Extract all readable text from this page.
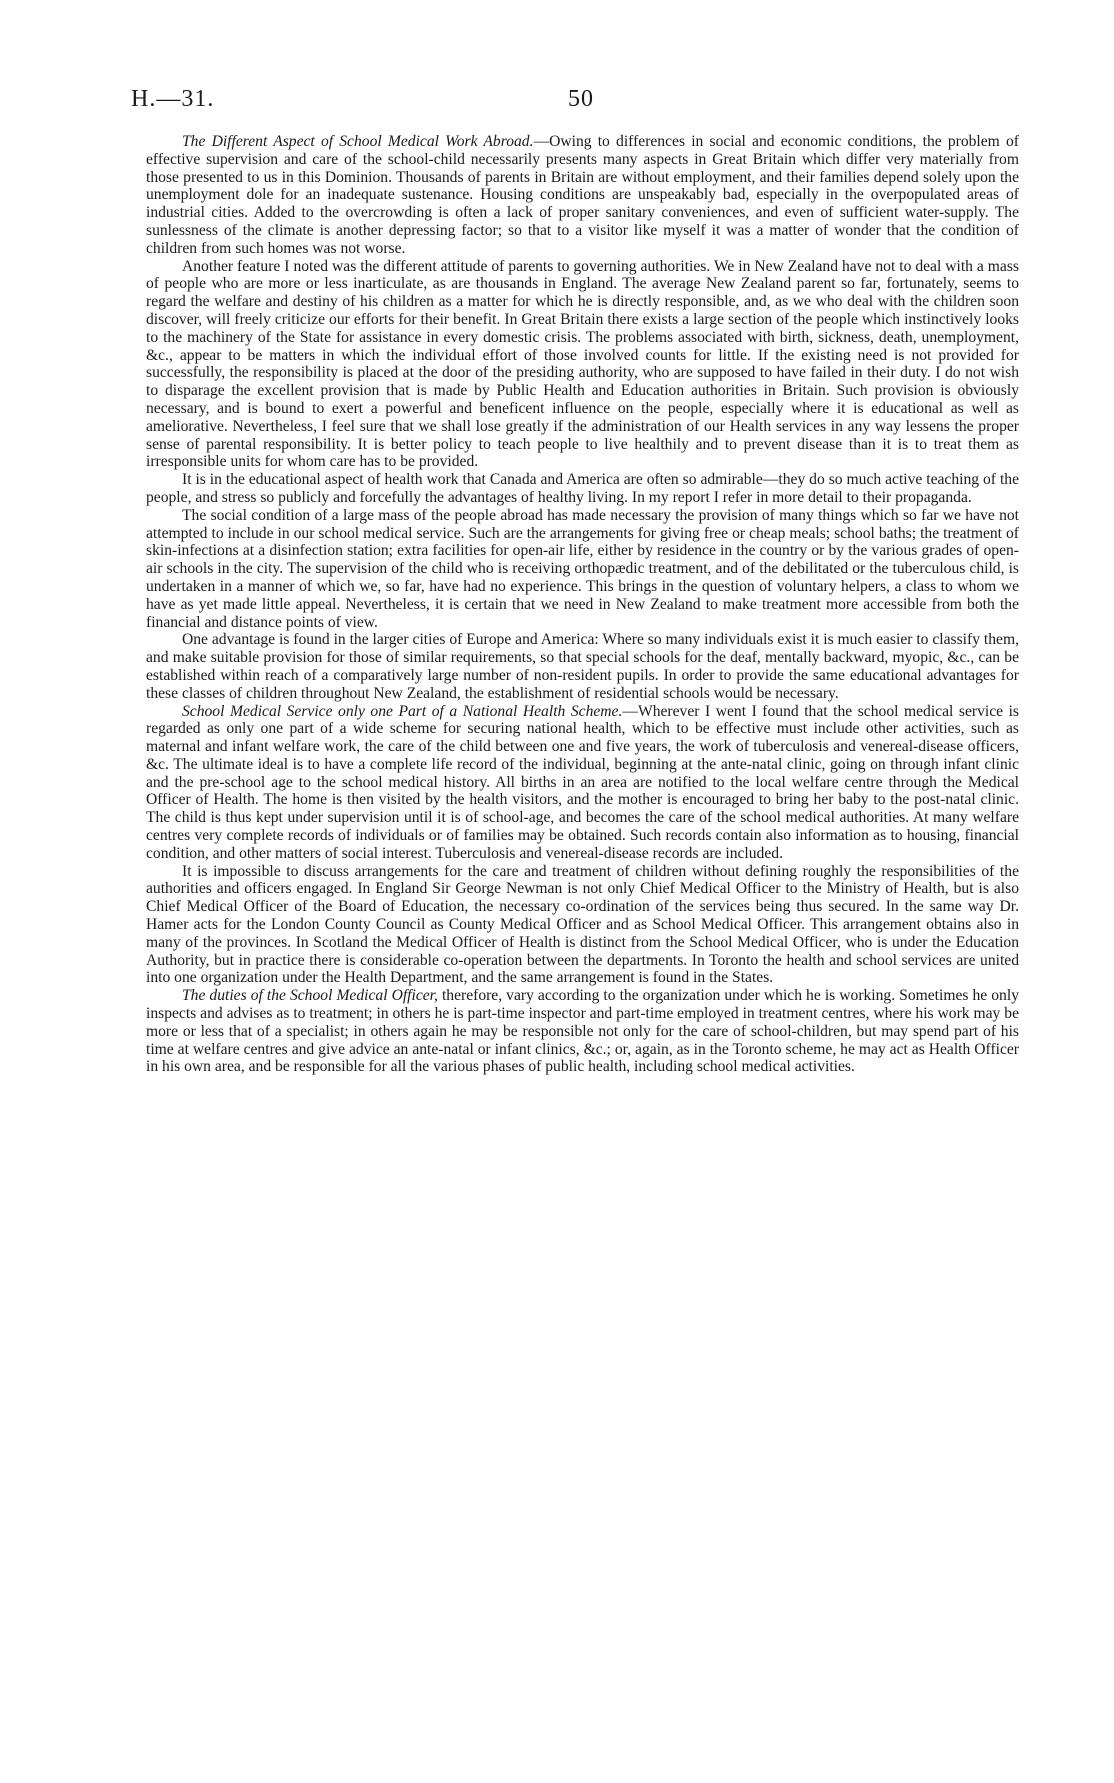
H.—31.	50

The Different Aspect of School Medical Work Abroad.—Owing to differences in social and economic conditions, the problem of effective supervision and care of the school-child necessarily presents many aspects in Great Britain which differ very materially from those presented to us in this Dominion. Thousands of parents in Britain are without employment, and their families depend solely upon the unemployment dole for an inadequate sustenance. Housing conditions are unspeakably bad, especially in the overpopulated areas of industrial cities. Added to the overcrowding is often a lack of proper sanitary conveniences, and even of sufficient water-supply. The sunlessness of the climate is another depressing factor; so that to a visitor like myself it was a matter of wonder that the condition of children from such homes was not worse.

Another feature I noted was the different attitude of parents to governing authorities. We in New Zealand have not to deal with a mass of people who are more or less inarticulate, as are thousands in England. The average New Zealand parent so far, fortunately, seems to regard the welfare and destiny of his children as a matter for which he is directly responsible, and, as we who deal with the children soon discover, will freely criticize our efforts for their benefit. In Great Britain there exists a large section of the people which instinctively looks to the machinery of the State for assistance in every domestic crisis. The problems associated with birth, sickness, death, unemployment, &c., appear to be matters in which the individual effort of those involved counts for little. If the existing need is not provided for successfully, the responsibility is placed at the door of the presiding authority, who are supposed to have failed in their duty. I do not wish to disparage the excellent provision that is made by Public Health and Education authorities in Britain. Such provision is obviously necessary, and is bound to exert a powerful and beneficent influence on the people, especially where it is educational as well as ameliorative. Nevertheless, I feel sure that we shall lose greatly if the administration of our Health services in any way lessens the proper sense of parental responsibility. It is better policy to teach people to live healthily and to prevent disease than it is to treat them as irresponsible units for whom care has to be provided.

It is in the educational aspect of health work that Canada and America are often so admirable—they do so much active teaching of the people, and stress so publicly and forcefully the advantages of healthy living. In my report I refer in more detail to their propaganda.

The social condition of a large mass of the people abroad has made necessary the provision of many things which so far we have not attempted to include in our school medical service. Such are the arrangements for giving free or cheap meals; school baths; the treatment of skin-infections at a disinfection station; extra facilities for open-air life, either by residence in the country or by the various grades of open-air schools in the city. The supervision of the child who is receiving orthopædic treatment, and of the debilitated or the tuberculous child, is undertaken in a manner of which we, so far, have had no experience. This brings in the question of voluntary helpers, a class to whom we have as yet made little appeal. Nevertheless, it is certain that we need in New Zealand to make treatment more accessible from both the financial and distance points of view.

One advantage is found in the larger cities of Europe and America: Where so many individuals exist it is much easier to classify them, and make suitable provision for those of similar requirements, so that special schools for the deaf, mentally backward, myopic, &c., can be established within reach of a comparatively large number of non-resident pupils. In order to provide the same educational advantages for these classes of children throughout New Zealand, the establishment of residential schools would be necessary.

School Medical Service only one Part of a National Health Scheme.—Wherever I went I found that the school medical service is regarded as only one part of a wide scheme for securing national health, which to be effective must include other activities, such as maternal and infant welfare work, the care of the child between one and five years, the work of tuberculosis and venereal-disease officers, &c. The ultimate ideal is to have a complete life record of the individual, beginning at the ante-natal clinic, going on through infant clinic and the pre-school age to the school medical history. All births in an area are notified to the local welfare centre through the Medical Officer of Health. The home is then visited by the health visitors, and the mother is encouraged to bring her baby to the post-natal clinic. The child is thus kept under supervision until it is of school-age, and becomes the care of the school medical authorities. At many welfare centres very complete records of individuals or of families may be obtained. Such records contain also information as to housing, financial condition, and other matters of social interest. Tuberculosis and venereal-disease records are included.

It is impossible to discuss arrangements for the care and treatment of children without defining roughly the responsibilities of the authorities and officers engaged. In England Sir George Newman is not only Chief Medical Officer to the Ministry of Health, but is also Chief Medical Officer of the Board of Education, the necessary co-ordination of the services being thus secured. In the same way Dr. Hamer acts for the London County Council as County Medical Officer and as School Medical Officer. This arrangement obtains also in many of the provinces. In Scotland the Medical Officer of Health is distinct from the School Medical Officer, who is under the Education Authority, but in practice there is considerable co-operation between the departments. In Toronto the health and school services are united into one organization under the Health Department, and the same arrangement is found in the States.

The duties of the School Medical Officer, therefore, vary according to the organization under which he is working. Sometimes he only inspects and advises as to treatment; in others he is part-time inspector and part-time employed in treatment centres, where his work may be more or less that of a specialist; in others again he may be responsible not only for the care of school-children, but may spend part of his time at welfare centres and give advice an ante-natal or infant clinics, &c.; or, again, as in the Toronto scheme, he may act as Health Officer in his own area, and be responsible for all the various phases of public health, including school medical activities.
